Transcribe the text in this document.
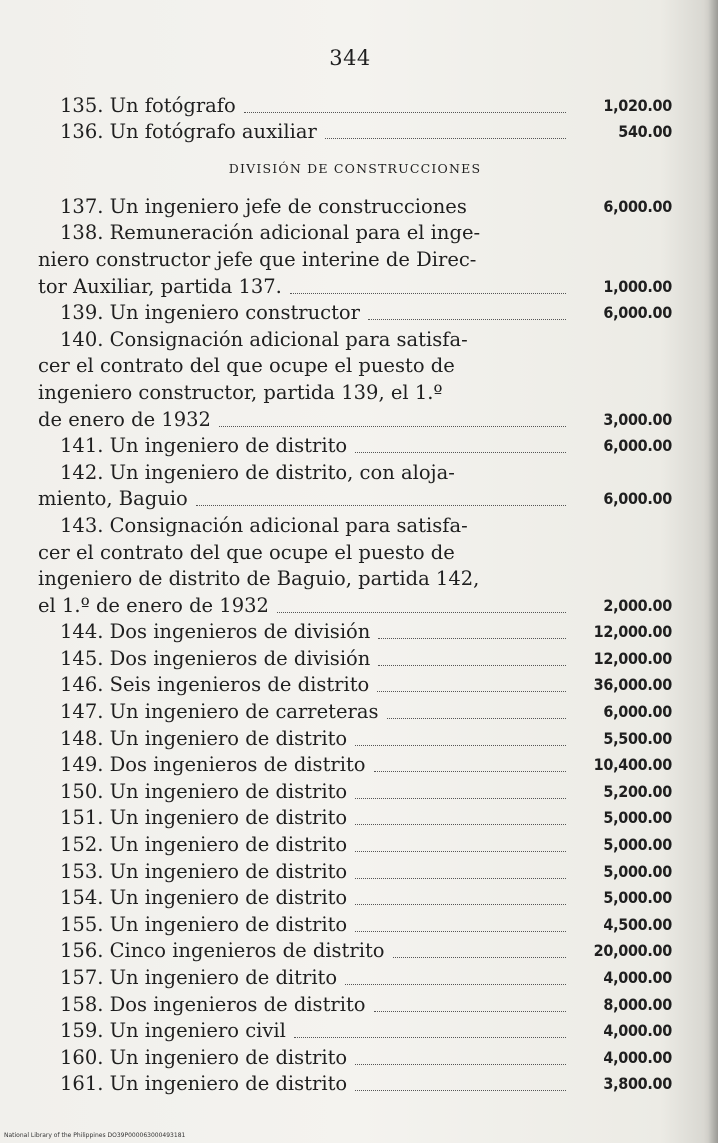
344
135. Un fotógrafo	1,020.00
136. Un fotógrafo auxiliar	540.00
DIVISIÓN DE CONSTRUCCIONES
137. Un ingeniero jefe de construcciones	6,000.00
138. Remuneración adicional para el inge-
niero constructor jefe que interine de Direc-
tor Auxiliar, partida 137.	1,000.00
139. Un ingeniero constructor	6,000.00
140. Consignación adicional para satisfa-
cer el contrato del que ocupe el puesto de
ingeniero constructor, partida 139, el 1.º
de enero de 1932	3,000.00
141. Un ingeniero de distrito	6,000.00
142. Un ingeniero de distrito, con aloja-
miento, Baguio	6,000.00
143. Consignación adicional para satisfa-
cer el contrato del que ocupe el puesto de
ingeniero de distrito de Baguio, partida 142,
el 1.º de enero de 1932	2,000.00
144. Dos ingenieros de división	12,000.00
145. Dos ingenieros de división	12,000.00
146. Seis ingenieros de distrito	36,000.00
147. Un ingeniero de carreteras	6,000.00
148. Un ingeniero de distrito	5,500.00
149. Dos ingenieros de distrito	10,400.00
150. Un ingeniero de distrito	5,200.00
151. Un ingeniero de distrito	5,000.00
152. Un ingeniero de distrito	5,000.00
153. Un ingeniero de distrito	5,000.00
154. Un ingeniero de distrito	5,000.00
155. Un ingeniero de distrito	4,500.00
156. Cinco ingenieros de distrito	20,000.00
157. Un ingeniero de ditrito	4,000.00
158. Dos ingenieros de distrito	8,000.00
159. Un ingeniero civil	4,000.00
160. Un ingeniero de distrito	4,000.00
161. Un ingeniero de distrito	3,800.00
National Library of the Philippines DO39P000063000493181
